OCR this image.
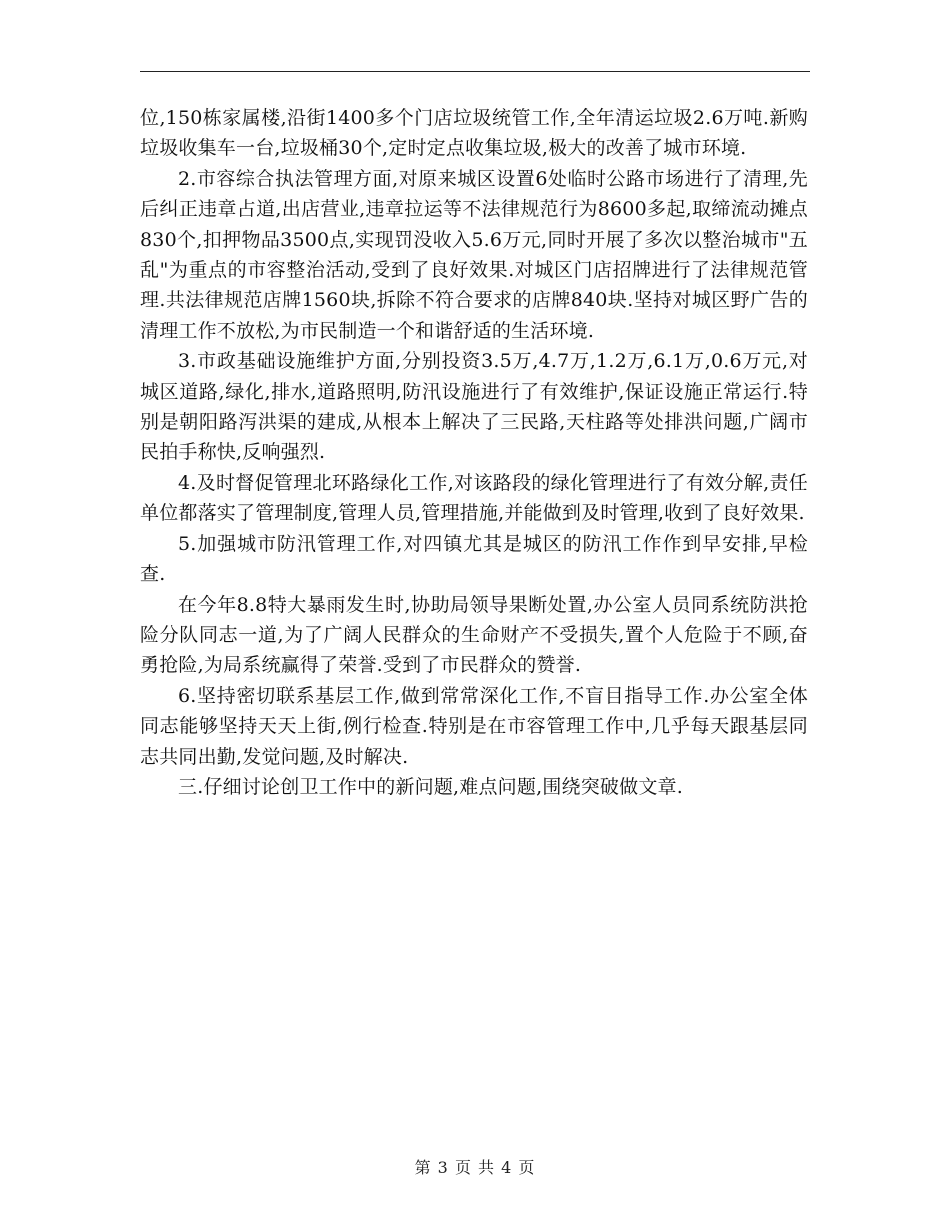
位,150栋家属楼,沿街1400多个门店垃圾统管工作,全年清运垃圾2.6万吨.新购垃圾收集车一台,垃圾桶30个,定时定点收集垃圾,极大的改善了城市环境.

2.市容综合执法管理方面,对原来城区设置6处临时公路市场进行了清理,先后纠正违章占道,出店营业,违章拉运等不法律规范行为8600多起,取缔流动摊点830个,扣押物品3500点,实现罚没收入5.6万元,同时开展了多次以整治城市"五乱"为重点的市容整治活动,受到了良好效果.对城区门店招牌进行了法律规范管理.共法律规范店牌1560块,拆除不符合要求的店牌840块.坚持对城区野广告的清理工作不放松,为市民制造一个和谐舒适的生活环境.

3.市政基础设施维护方面,分别投资3.5万,4.7万,1.2万,6.1万,0.6万元,对城区道路,绿化,排水,道路照明,防汛设施进行了有效维护,保证设施正常运行.特别是朝阳路泻洪渠的建成,从根本上解决了三民路,天柱路等处排洪问题,广阔市民拍手称快,反响强烈.

4.及时督促管理北环路绿化工作,对该路段的绿化管理进行了有效分解,责任单位都落实了管理制度,管理人员,管理措施,并能做到及时管理,收到了良好效果.

5.加强城市防汛管理工作,对四镇尤其是城区的防汛工作作到早安排,早检查.

在今年8.8特大暴雨发生时,协助局领导果断处置,办公室人员同系统防洪抢险分队同志一道,为了广阔人民群众的生命财产不受损失,置个人危险于不顾,奋勇抢险,为局系统赢得了荣誉.受到了市民群众的赞誉.

6.坚持密切联系基层工作,做到常常深化工作,不盲目指导工作.办公室全体同志能够坚持天天上街,例行检查.特别是在市容管理工作中,几乎每天跟基层同志共同出勤,发觉问题,及时解决.

三.仔细讨论创卫工作中的新问题,难点问题,围绕突破做文章.

第 3 页 共 4 页
